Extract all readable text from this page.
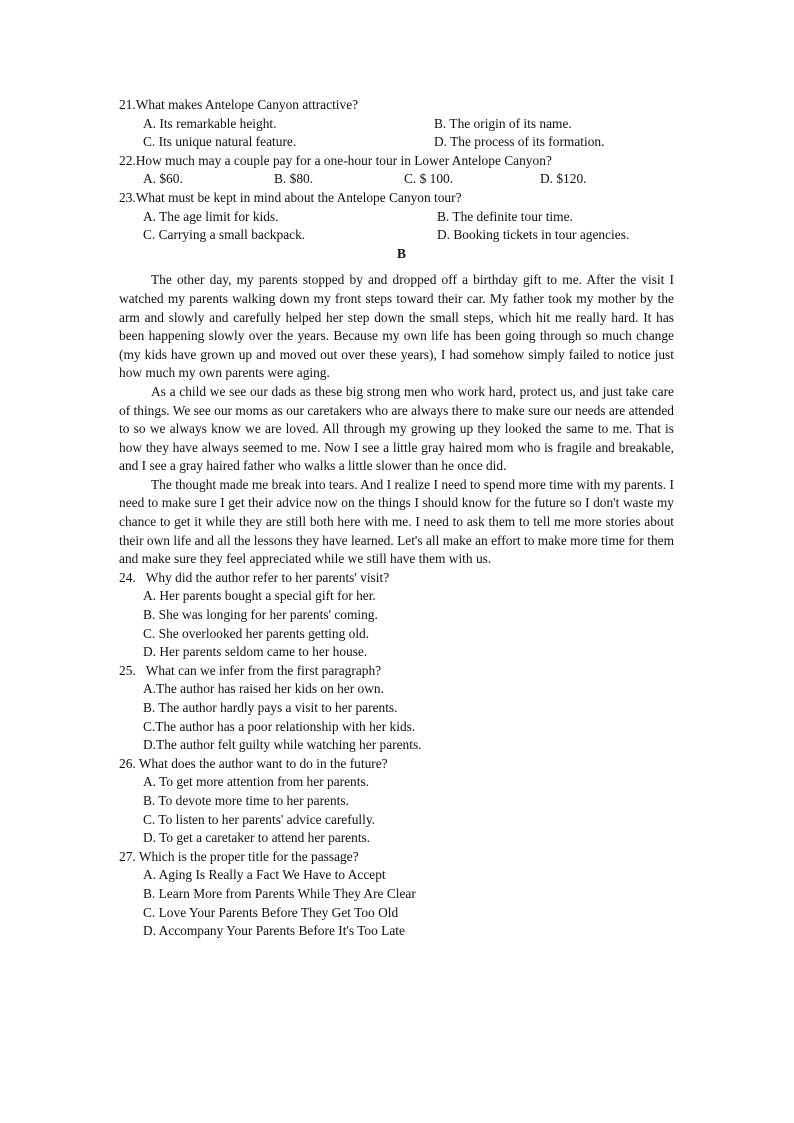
21.What makes Antelope Canyon attractive?
A. Its remarkable height.	B. The origin of its name.
C. Its unique natural feature.	D. The process of its formation.
22.How much may a couple pay for a one-hour tour in Lower Antelope Canyon?
A. $60.	B. $80.	C. $ 100.	D. $120.
23.What must be kept in mind about the Antelope Canyon tour?
A. The age limit for kids.	B. The definite tour time.
C. Carrying a small backpack.	D. Booking tickets in tour agencies.
B

The other day, my parents stopped by and dropped off a birthday gift to me. After the visit I watched my parents walking down my front steps toward their car. My father took my mother by the arm and slowly and carefully helped her step down the small steps, which hit me really hard. It has been happening slowly over the years. Because my own life has been going through so much change (my kids have grown up and moved out over these years), I had somehow simply failed to notice just how much my own parents were aging.

As a child we see our dads as these big strong men who work hard, protect us, and just take care of things. We see our moms as our caretakers who are always there to make sure our needs are attended to so we always know we are loved. All through my growing up they looked the same to me. That is how they have always seemed to me. Now I see a little gray haired mom who is fragile and breakable, and I see a gray haired father who walks a little slower than he once did.

The thought made me break into tears. And I realize I need to spend more time with my parents. I need to make sure I get their advice now on the things I should know for the future so I don't waste my chance to get it while they are still both here with me. I need to ask them to tell me more stories about their own life and all the lessons they have learned. Let's all make an effort to make more time for them and make sure they feel appreciated while we still have them with us.

24.   Why did the author refer to her parents' visit?
A. Her parents bought a special gift for her.
B. She was longing for her parents' coming.
C. She overlooked her parents getting old.
D. Her parents seldom came to her house.
25.   What can we infer from the first paragraph?
A.The author has raised her kids on her own.
B. The author hardly pays a visit to her parents.
C.The author has a poor relationship with her kids.
D.The author felt guilty while watching her parents.
26. What does the author want to do in the future?
A. To get more attention from her parents.
B. To devote more time to her parents.
C. To listen to her parents' advice carefully.
D. To get a caretaker to attend her parents.
27. Which is the proper title for the passage?
A. Aging Is Really a Fact We Have to Accept
B. Learn More from Parents While They Are Clear
C. Love Your Parents Before They Get Too Old
D. Accompany Your Parents Before It's Too Late
